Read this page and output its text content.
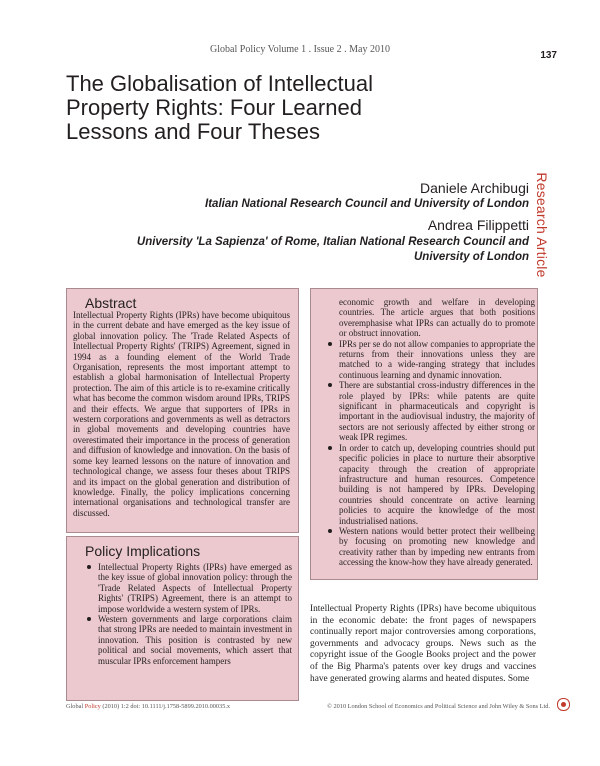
Global Policy Volume 1 . Issue 2 . May 2010
137
Research Article
The Globalisation of Intellectual Property Rights: Four Learned Lessons and Four Theses
Daniele Archibugi
Italian National Research Council and University of London
Andrea Filippetti
University 'La Sapienza' of Rome, Italian National Research Council and University of London
Abstract
Intellectual Property Rights (IPRs) have become ubiquitous in the current debate and have emerged as the key issue of global innovation policy. The 'Trade Related Aspects of Intellectual Property Rights' (TRIPS) Agreement, signed in 1994 as a founding element of the World Trade Organisation, represents the most important attempt to establish a global harmonisation of Intellectual Property protection. The aim of this article is to re-examine critically what has become the common wisdom around IPRs, TRIPS and their effects. We argue that supporters of IPRs in western corporations and governments as well as detractors in global movements and developing countries have overestimated their importance in the process of generation and diffusion of knowledge and innovation. On the basis of some key learned lessons on the nature of innovation and technological change, we assess four theses about TRIPS and its impact on the global generation and distribution of knowledge. Finally, the policy implications concerning international organisations and technological transfer are discussed.
Policy Implications
Intellectual Property Rights (IPRs) have emerged as the key issue of global innovation policy: through the 'Trade Related Aspects of Intellectual Property Rights' (TRIPS) Agreement, there is an attempt to impose worldwide a western system of IPRs.
Western governments and large corporations claim that strong IPRs are needed to maintain investment in innovation. This position is contrasted by new political and social movements, which assert that muscular IPRs enforcement hampers
economic growth and welfare in developing countries. The article argues that both positions overemphasise what IPRs can actually do to promote or obstruct innovation.
IPRs per se do not allow companies to appropriate the returns from their innovations unless they are matched to a wide-ranging strategy that includes continuous learning and dynamic innovation.
There are substantial cross-industry differences in the role played by IPRs: while patents are quite significant in pharmaceuticals and copyright is important in the audiovisual industry, the majority of sectors are not seriously affected by either strong or weak IPR regimes.
In order to catch up, developing countries should put specific policies in place to nurture their absorptive capacity through the creation of appropriate infrastructure and human resources. Competence building is not hampered by IPRs. Developing countries should concentrate on active learning policies to acquire the knowledge of the most industrialised nations.
Western nations would better protect their wellbeing by focusing on promoting new knowledge and creativity rather than by impeding new entrants from accessing the know-how they have already generated.
Intellectual Property Rights (IPRs) have become ubiquitous in the economic debate: the front pages of newspapers continually report major controversies among corporations, governments and advocacy groups. News such as the copyright issue of the Google Books project and the power of the Big Pharma's patents over key drugs and vaccines have generated growing alarms and heated disputes. Some
Global Policy (2010) 1:2 doi: 10.1111/j.1758-5899.2010.00035.x	© 2010 London School of Economics and Political Science and John Wiley & Sons Ltd.
